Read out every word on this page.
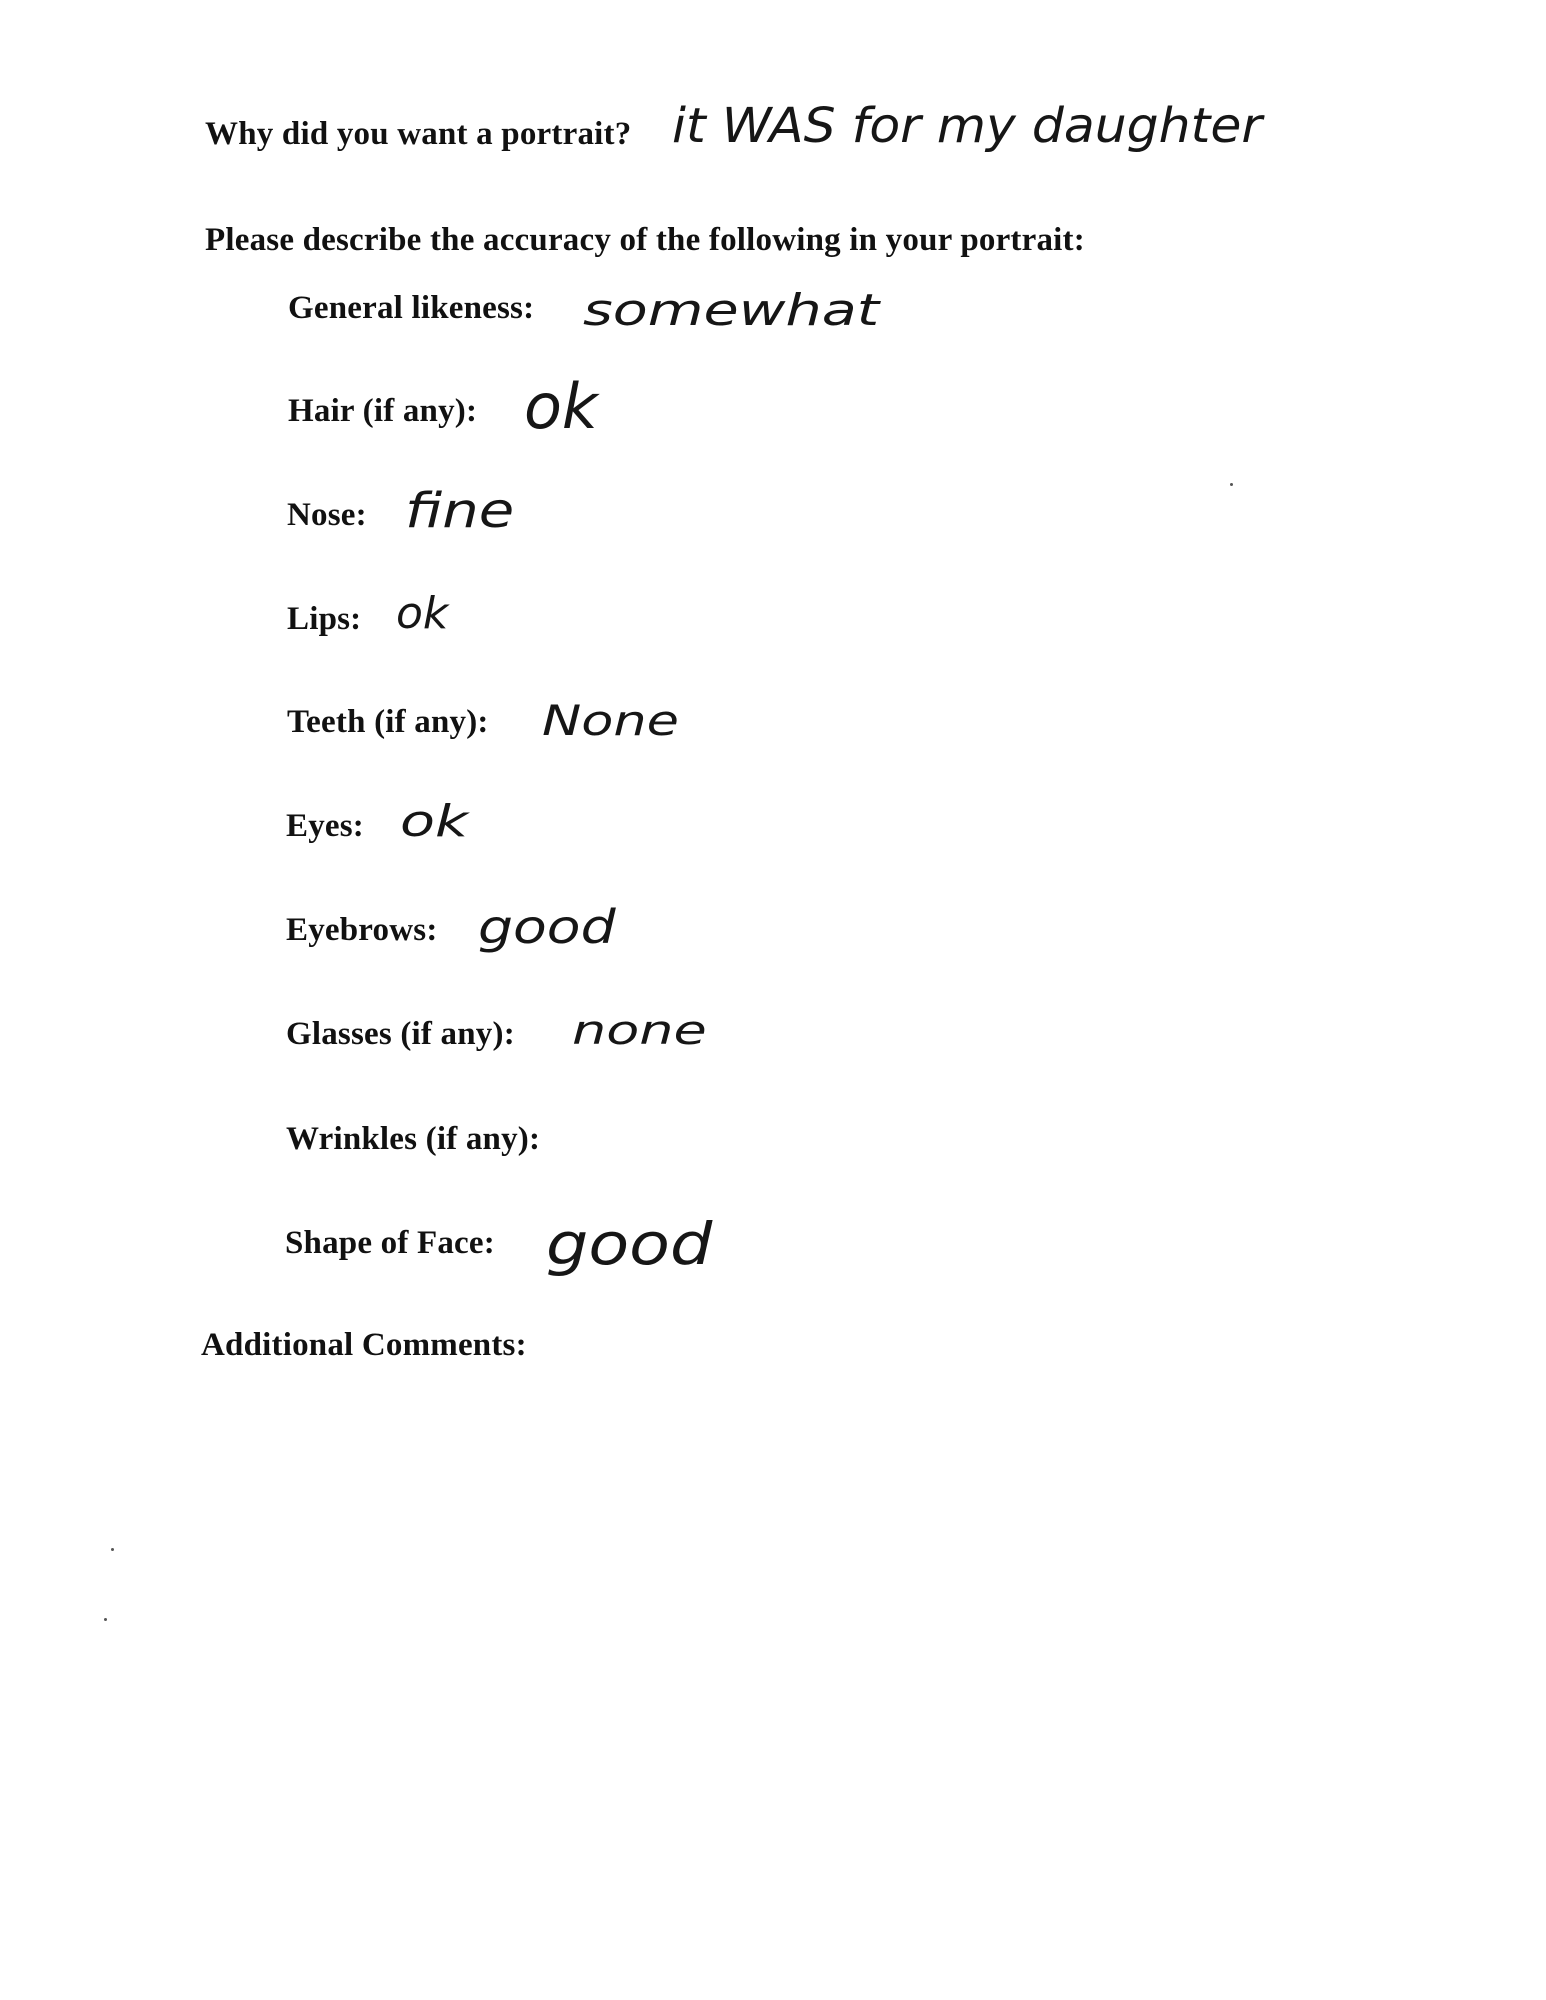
Why did you want a portrait? it WAS for my daughter
Please describe the accuracy of the following in your portrait:
General likeness: somewhat
Hair (if any): ok
Nose: fine
Lips: ok
Teeth (if any): None
Eyes: ok
Eyebrows: good
Glasses (if any): none
Wrinkles (if any):
Shape of Face: good
Additional Comments:
